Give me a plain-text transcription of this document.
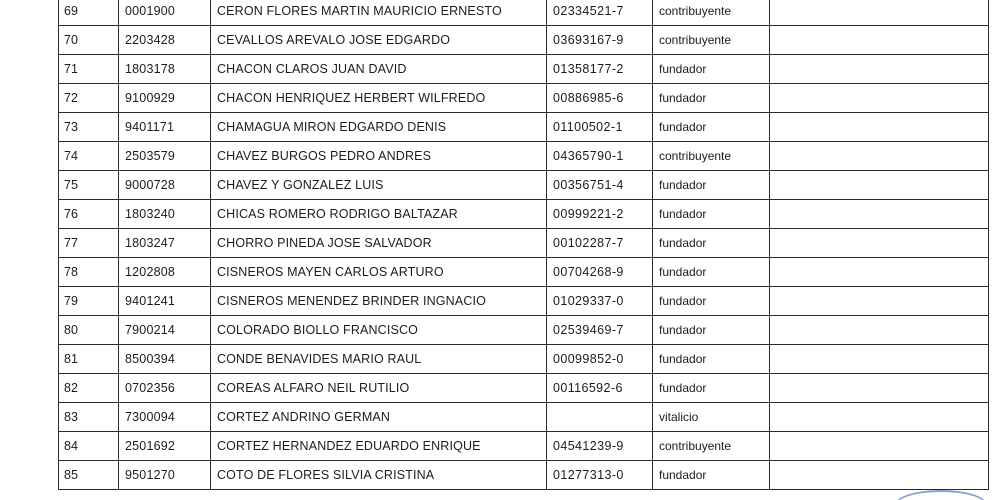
69	0001900	CERON FLORES MARTIN MAURICIO ERNESTO	02334521-7	contribuyente	
70	2203428	CEVALLOS AREVALO JOSE EDGARDO	03693167-9	contribuyente	
71	1803178	CHACON CLAROS JUAN DAVID	01358177-2	fundador	
72	9100929	CHACON HENRIQUEZ HERBERT WILFREDO	00886985-6	fundador	
73	9401171	CHAMAGUA MIRON EDGARDO DENIS	01100502-1	fundador	
74	2503579	CHAVEZ BURGOS PEDRO ANDRES	04365790-1	contribuyente	
75	9000728	CHAVEZ Y GONZALEZ LUIS	00356751-4	fundador	
76	1803240	CHICAS ROMERO RODRIGO BALTAZAR	00999221-2	fundador	
77	1803247	CHORRO PINEDA JOSE SALVADOR	00102287-7	fundador	
78	1202808	CISNEROS MAYEN CARLOS ARTURO	00704268-9	fundador	
79	9401241	CISNEROS MENENDEZ BRINDER INGNACIO	01029337-0	fundador	
80	7900214	COLORADO BIOLLO FRANCISCO	02539469-7	fundador	
81	8500394	CONDE BENAVIDES MARIO RAUL	00099852-0	fundador	
82	0702356	COREAS ALFARO NEIL RUTILIO	00116592-6	fundador	
83	7300094	CORTEZ ANDRINO GERMAN		vitalicio	
84	2501692	CORTEZ HERNANDEZ EDUARDO ENRIQUE	04541239-9	contribuyente	
85	9501270	COTO DE FLORES SILVIA CRISTINA	01277313-0	fundador	
